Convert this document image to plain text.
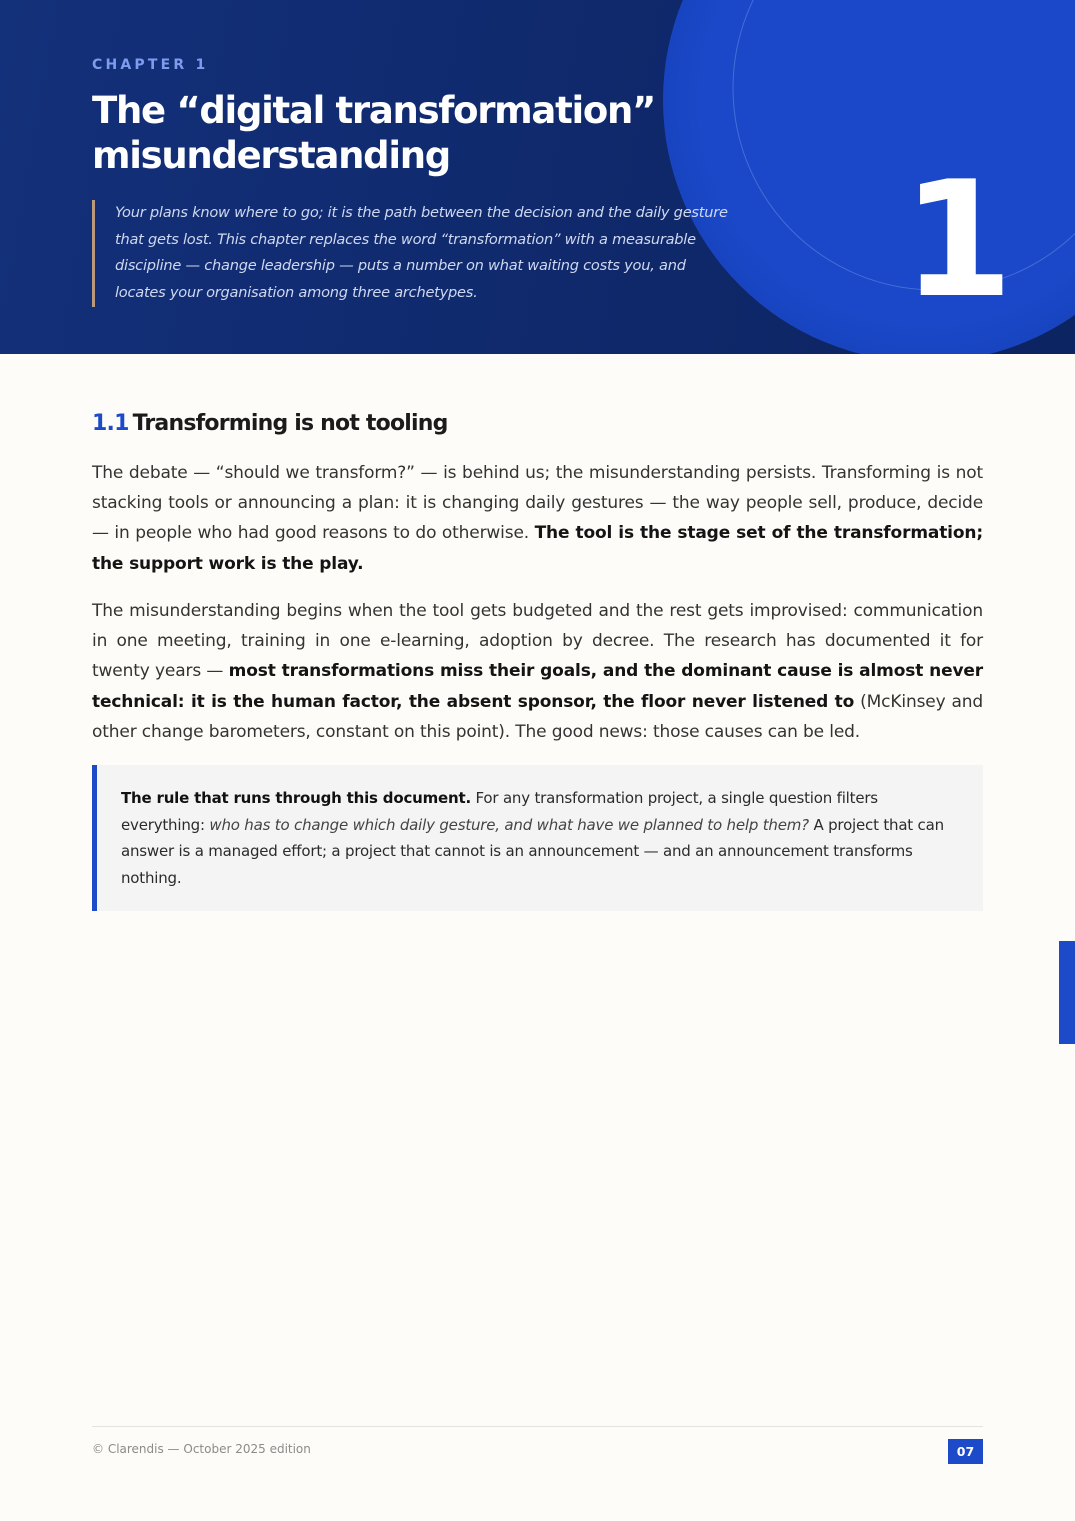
CHAPTER 1
The “digital transformation” misunderstanding
Your plans know where to go; it is the path between the decision and the daily gesture that gets lost. This chapter replaces the word “transformation” with a measurable discipline — change leadership — puts a number on what waiting costs you, and locates your organisation among three archetypes.	1
1.1 Transforming is not tooling

The debate — “should we transform?” — is behind us; the misunderstanding persists. Transforming is not stacking tools or announcing a plan: it is changing daily gestures — the way people sell, produce, decide — in people who had good reasons to do otherwise. The tool is the stage set of the transformation; the support work is the play.

The misunderstanding begins when the tool gets budgeted and the rest gets improvised: communication in one meeting, training in one e-learning, adoption by decree. The research has documented it for twenty years — most transformations miss their goals, and the dominant cause is almost never technical: it is the human factor, the absent sponsor, the floor never listened to (McKinsey and other change barometers, constant on this point). The good news: those causes can be led.

The rule that runs through this document. For any transformation project, a single question filters everything: who has to change which daily gesture, and what have we planned to help them? A project that can answer is a managed effort; a project that cannot is an announcement — and an announcement transforms nothing.
© Clarendis — October 2025 edition	07
